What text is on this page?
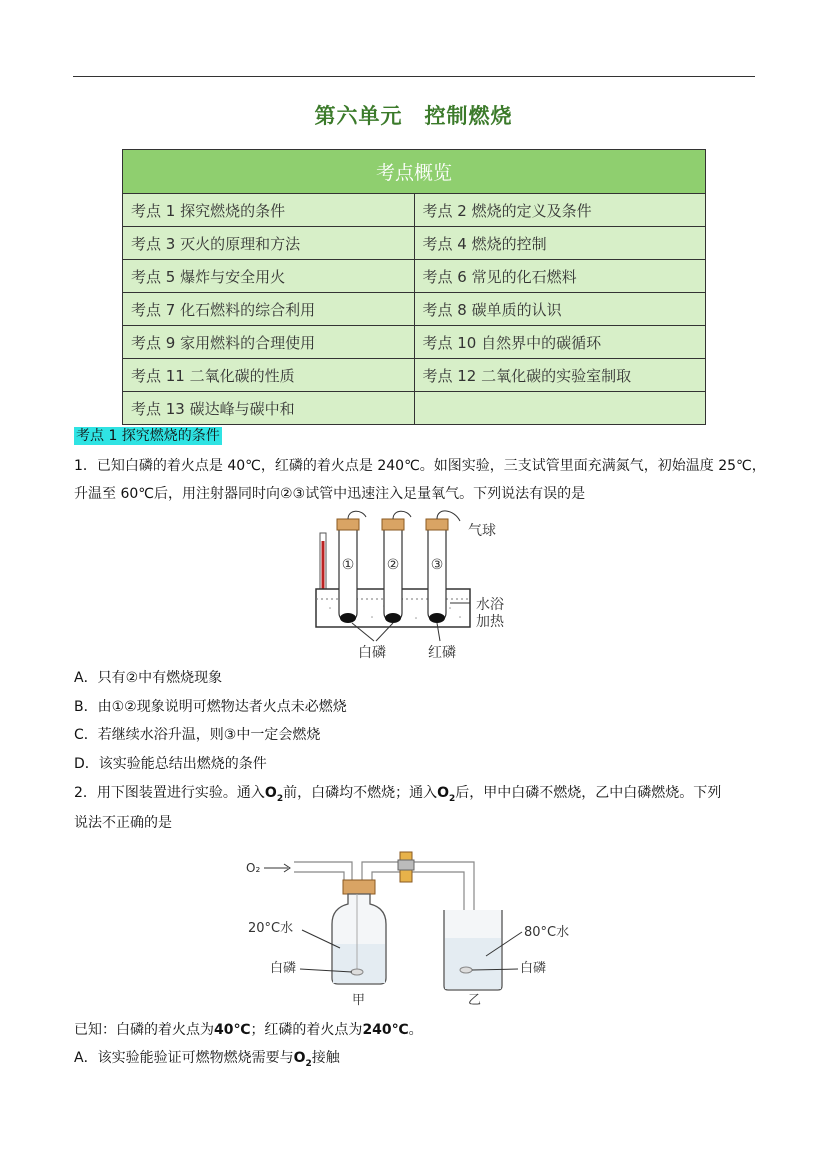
第六单元　控制燃烧
考点概览	
考点 1 探究燃烧的条件	考点 2 燃烧的定义及条件
考点 3 灭火的原理和方法	考点 4 燃烧的控制
考点 5 爆炸与安全用火	考点 6 常见的化石燃料
考点 7 化石燃料的综合利用	考点 8 碳单质的认识
考点 9 家用燃料的合理使用	考点 10 自然界中的碳循环
考点 11 二氧化碳的性质	考点 12 二氧化碳的实验室制取
考点 13 碳达峰与碳中和	
考点 1 探究燃烧的条件
1．已知白磷的着火点是 40℃，红磷的着火点是 240℃。如图实验，三支试管里面充满氮气，初始温度 25℃，
升温至 60℃后，用注射器同时向②③试管中迅速注入足量氧气。下列说法有误的是
① ② ③
气球
水浴
加热
白磷	红磷
A．只有②中有燃烧现象
B．由①②现象说明可燃物达者火点未必燃烧
C．若继续水浴升温，则③中一定会燃烧
D．该实验能总结出燃烧的条件
2．用下图装置进行实验。通入$O_2$前，白磷均不燃烧；通入$O_2$后，甲中白磷不燃烧，乙中白磷燃烧。下列
说法不正确的是
O₂
20°C水
白磷
80°C水
白磷
甲	乙
已知：白磷的着火点为40℃；红磷的着火点为240℃。
A．该实验能验证可燃物燃烧需要与$O_2$接触
